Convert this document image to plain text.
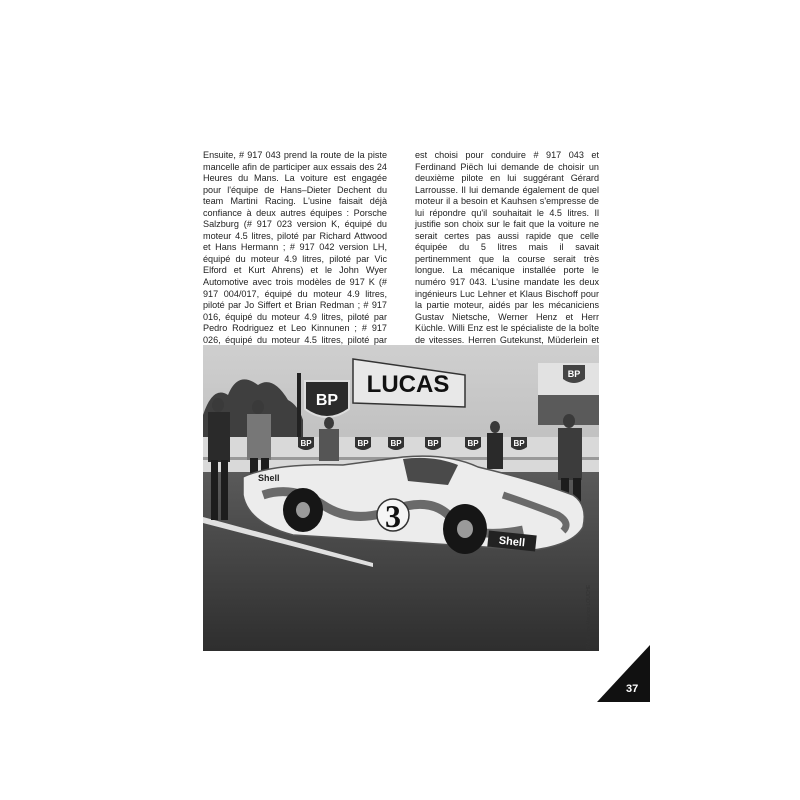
Ensuite, # 917 043 prend la route de la piste mancelle afin de participer aux essais des 24 Heures du Mans. La voiture est engagée pour l'équipe de Hans–Dieter Dechent du team Martini Racing. L'usine faisait déjà confiance à deux autres équipes : Porsche Salzburg (# 917 023 version K, équipé du moteur 4.5 litres, piloté par Richard Attwood et Hans Hermann ; # 917 042 version LH, équipé du moteur 4.9 litres, piloté par Vic Elford et Kurt Ahrens) et le John Wyer Automotive avec trois modèles de 917 K (# 917 004/017, équipé du moteur 4.9 litres, piloté par Jo Siffert et Brian Redman ; # 917 016, équipé du moteur 4.9 litres, piloté par Pedro Rodriguez et Leo Kinnunen ; # 917 026, équipé du moteur 4.5 litres, piloté par
est choisi pour conduire # 917 043 et Ferdinand Piëch lui demande de choisir un deuxième pilote en lui suggérant Gérard Larrousse. Il lui demande également de quel moteur il a besoin et Kauhsen s'empresse de lui répondre qu'il souhaitait le 4.5 litres. Il justifie son choix sur le fait que la voiture ne serait certes pas aussi rapide que celle équipée du 5 litres mais il savait pertinemment que la course serait très longue. La mécanique installée porte le numéro 917 043. L'usine mandate les deux ingénieurs Luc Lehner et Klaus Bischoff pour la partie moteur, aidés par les mécaniciens Gustav Nietsche, Werner Henz et Herr Küchle. Willi Enz est le spécialiste de la boîte de vitesses. Herren Gutekunst, Müderlein et
BP
LUCAS
BP
BP	BP	BP	BP	BP	BP
3
Shell
Shell
© Archives Maurice LOUCHE
37
